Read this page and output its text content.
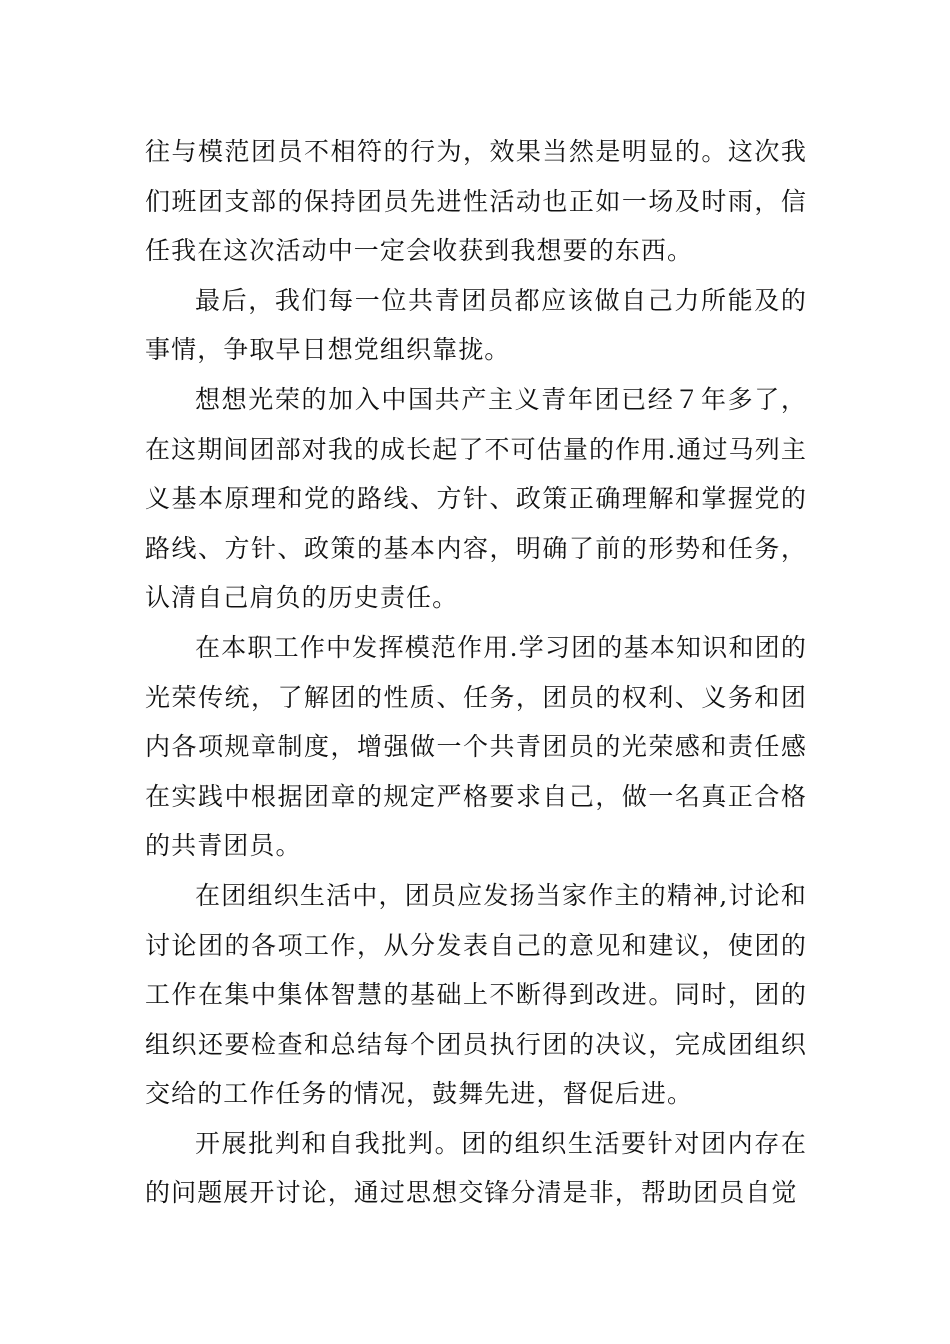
往与模范团员不相符的行为，效果当然是明显的。这次我们班团支部的保持团员先进性活动也正如一场及时雨，信任我在这次活动中一定会收获到我想要的东西。

最后，我们每一位共青团员都应该做自己力所能及的事情，争取早日想党组织靠拢。

想想光荣的加入中国共产主义青年团已经７年多了，在这期间团部对我的成长起了不可估量的作用.通过马列主义基本原理和党的路线、方针、政策正确理解和掌握党的路线、方针、政策的基本内容，明确了前的形势和任务，认清自己肩负的历史责任。

在本职工作中发挥模范作用.学习团的基本知识和团的光荣传统，了解团的性质、任务，团员的权利、义务和团内各项规章制度，增强做一个共青团员的光荣感和责任感在实践中根据团章的规定严格要求自己，做一名真正合格的共青团员。

在团组织生活中，团员应发扬当家作主的精神,讨论和讨论团的各项工作，从分发表自己的意见和建议，使团的工作在集中集体智慧的基础上不断得到改进。同时，团的组织还要检查和总结每个团员执行团的决议，完成团组织交给的工作任务的情况，鼓舞先进，督促后进。

开展批判和自我批判。团的组织生活要针对团内存在的问题展开讨论，通过思想交锋分清是非，帮助团员自觉
